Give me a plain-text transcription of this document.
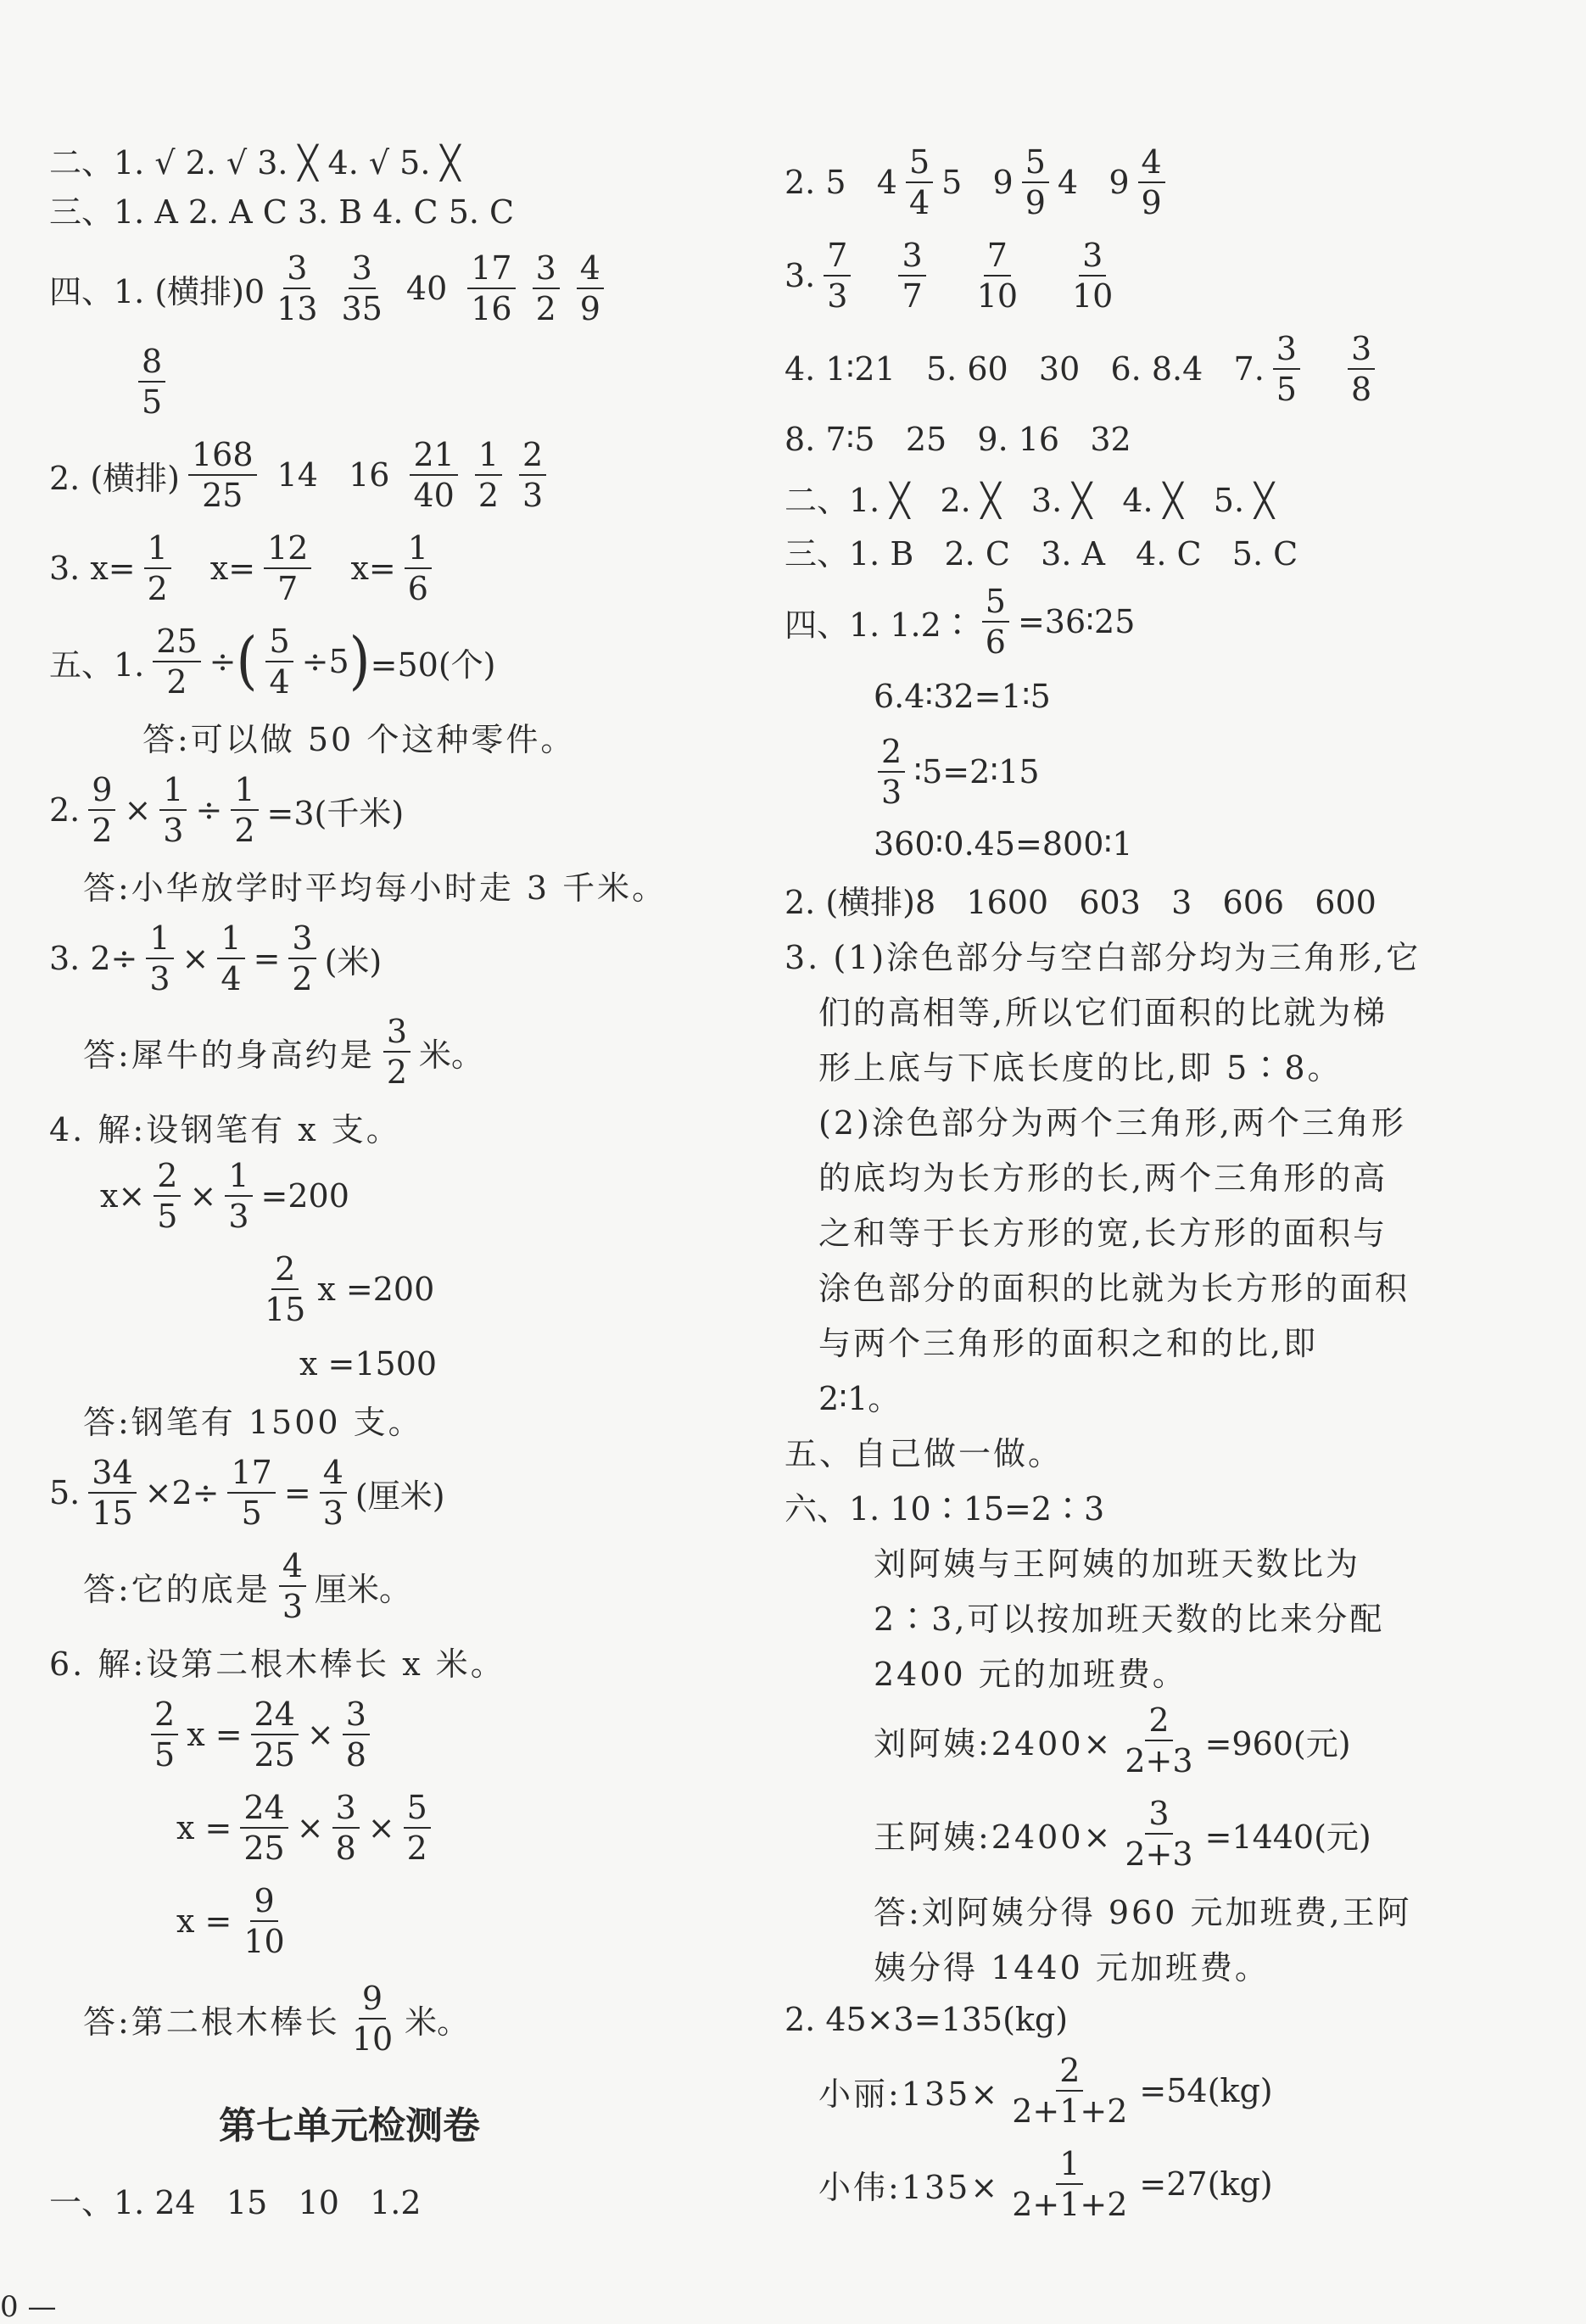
二、1. √ 2. √ 3. ╳ 4. √ 5. ╳
三、1. A 2. A C 3. B 4. C 5. C
四、1. (横排)$0 \frac{3}{13} \frac{3}{35} 40 \frac{17}{16} \frac{3}{2} \frac{4}{9}$
$\frac{8}{5}$
2. (横排) $\frac{168}{25} 14$   $16 \frac{21}{40} \frac{1}{2} \frac{2}{3}$
3. $x= \frac{1}{2} x= \frac{12}{7} x= \frac{1}{6}$
五、1. $\frac{25}{2}$ ÷ ( $\frac{5}{4} \div 5$ ) =50(个)
答:可以做 50 个这种零件。
2. $\frac{9}{2} \times \frac{1}{3} \div \frac{1}{2} =3$(千米)
答:小华放学时平均每小时走 3 千米。
3. $2\div \frac{1}{3} \times \frac{1}{4} = \frac{3}{2}$ (米)
答:犀牛的身高约是 $\frac{3}{2}$ 米。
4. 解:设钢笔有 x 支。
$x\times \frac{2}{5} \times \frac{1}{3} =200$
$\frac{2}{15}$ x =200
x =1500
答:钢笔有 1500 支。
5. $\frac{34}{15} \times 2\div \frac{17}{5} = \frac{4}{3}$ (厘米)
答:它的底是 $\frac{4}{3}$ 厘米。
6. 解:设第二根木棒长 x 米。
$\frac{2}{5}$ $x = \frac{24}{25} \times \frac{3}{8}$
$x = \frac{24}{25} \times \frac{3}{8} \times \frac{5}{2}$
$x = \frac{9}{10}$
答:第二根木棒长 $\frac{9}{10}$ 米。
第七单元检测卷
一、1. 24   15   10   1.2
0 —
2. 5   $4 \frac{5}{4} 5$   $9 \frac{5}{9} 4$   $9 \frac{4}{9}$
3. $\frac{7}{3} \frac{3}{7} \frac{7}{10} \frac{3}{10}$
4. 1∶21   5. 60   30   6. 8.4   7. $\frac{3}{5} \frac{3}{8}$
8. 7∶5   25   9. 16   32
二、1. ╳   2. ╳   3. ╳   4. ╳   5. ╳
三、1. B   2. C   3. A   4. C   5. C
四、1. 1.2∶ $\frac{5}{6}$ =36∶25
6.4∶32=1∶5
$\frac{2}{3}$ ∶5=2∶15
360∶0.45=800∶1
2. (横排)8   1600   603   3   606   600
3. (1)涂色部分与空白部分均为三角形,它
们的高相等,所以它们面积的比就为梯
形上底与下底长度的比,即 5∶8。
(2)涂色部分为两个三角形,两个三角形
的底均为长方形的长,两个三角形的高
之和等于长方形的宽,长方形的面积与
涂色部分的面积的比就为长方形的面积
与两个三角形的面积之和的比,即
2∶1。
五、自己做一做。
六、1. 10∶15=2∶3
刘阿姨与王阿姨的加班天数比为
2∶3,可以按加班天数的比来分配
2400 元的加班费。
刘阿姨:2400× $\frac{2}{2+3} =960$(元)
王阿姨:2400× $\frac{3}{2+3} =1440$(元)
答:刘阿姨分得 960 元加班费,王阿
姨分得 1440 元加班费。
2. 45×3=135(kg)
小丽:135× $\frac{2}{2+1+2} =54(kg)$
小伟:135× $\frac{1}{2+1+2} =27(kg)$
